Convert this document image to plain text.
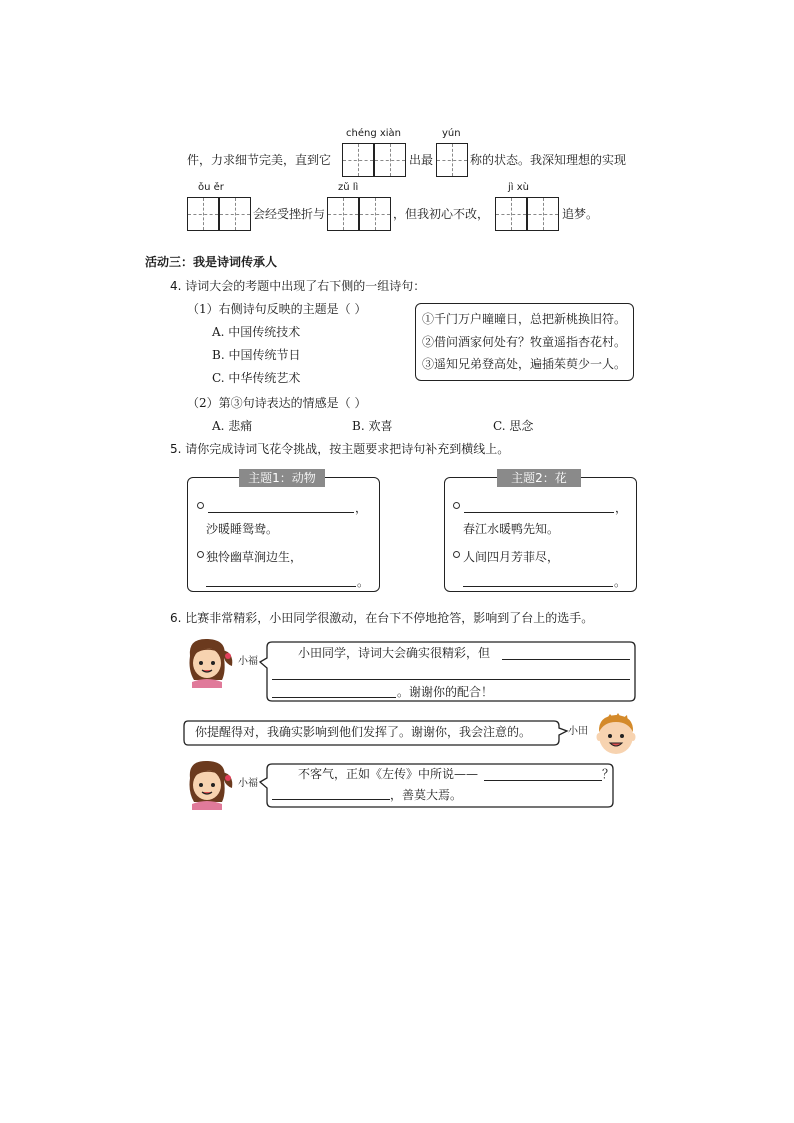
chéng xiàn	yún
件，力求细节完美，直到它	出最	称的状态。我深知理想的实现
ǒu ěr	zǔ lì	jì xù
会经受挫折与	，但我初心不改，	追梦。
活动三：我是诗词传承人
4. 诗词大会的考题中出现了右下侧的一组诗句：
（1）右侧诗句反映的主题是（ ）
A. 中国传统技术
B. 中国传统节日
C. 中华传统艺术
（2）第③句诗表达的情感是（ ）
A. 悲痛	B. 欢喜	C. 思念
①千门万户曈曈日，总把新桃换旧符。
②借问酒家何处有？牧童遥指杏花村。
③遥知兄弟登高处，遍插茱萸少一人。
5. 请你完成诗词飞花令挑战，按主题要求把诗句补充到横线上。
主题1：动物
，
沙暖睡鸳鸯。
独怜幽草涧边生，
。
主题2：花
，
春江水暖鸭先知。
人间四月芳菲尽，
。
6. 比赛非常精彩，小田同学很激动，在台下不停地抢答，影响到了台上的选手。
小福
小田同学，诗词大会确实很精彩，但
。谢谢你的配合！
你提醒得对，我确实影响到他们发挥了。谢谢你，我会注意的。	小田
小福
不客气，正如《左传》中所说——	？
，善莫大焉。
